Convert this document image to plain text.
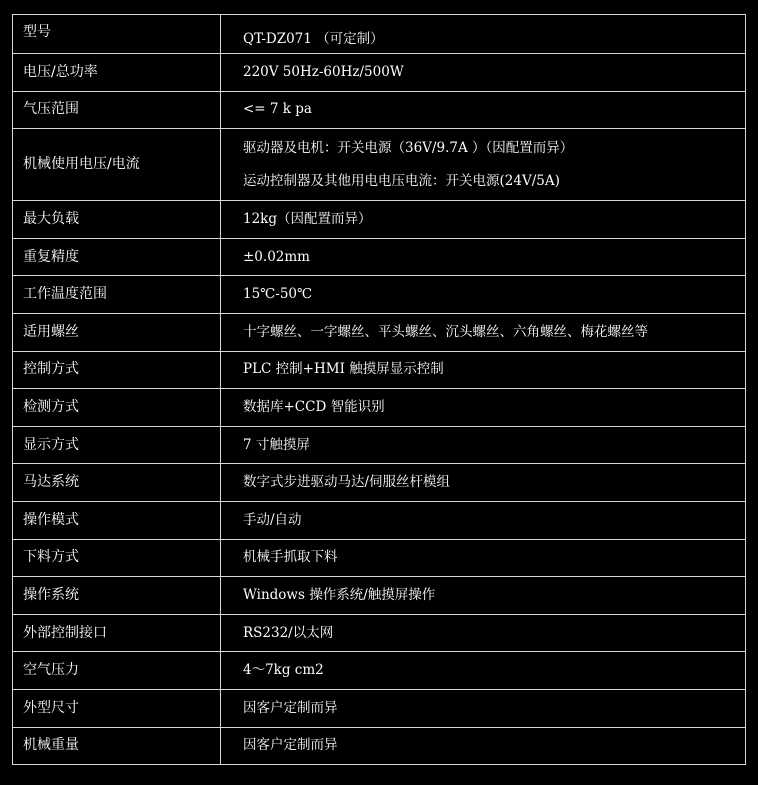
型号	QT-DZ071 （可定制）

电压/总功率	220V 50Hz-60Hz/500W

气压范围	<= 7 k pa

机械使用电压/电流	驱动器及电机：开关电源（36V/9.7A ）（因配置而异）
运动控制器及其他用电电压电流：开关电源(24V/5A)

最大负载	12kg（因配置而异）

重复精度	±0.02mm

工作温度范围	15℃-50℃

适用螺丝	十字螺丝、一字螺丝、平头螺丝、沉头螺丝、六角螺丝、梅花螺丝等

控制方式	PLC 控制+HMI 触摸屏显示控制

检测方式	数据库+CCD 智能识别

显示方式	7 寸触摸屏

马达系统	数字式步进驱动马达/伺服丝杆模组

操作模式	手动/自动

下料方式	机械手抓取下料

操作系统	Windows 操作系统/触摸屏操作

外部控制接口	RS232/以太网

空气压力	4～7kg cm2

外型尺寸	因客户定制而异

机械重量	因客户定制而异
